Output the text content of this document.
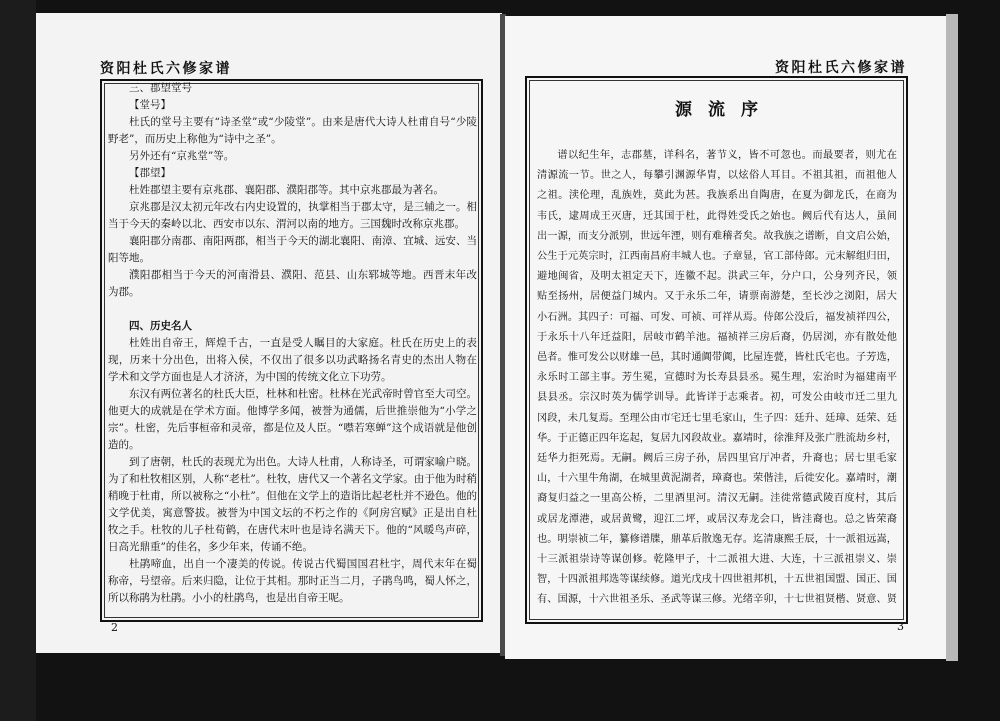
资阳杜氏六修家谱
三、郡望堂号
【堂号】
杜氏的堂号主要有“诗圣堂”或“少陵堂”。由来是唐代大诗人杜甫自号“少陵
野老”，而历史上称他为“诗中之圣”。
另外还有“京兆堂”等。
【郡望】
杜姓郡望主要有京兆郡、襄阳郡、濮阳郡等。其中京兆郡最为著名。
京兆郡是汉太初元年改右内史设置的，执掌相当于郡太守，是三辅之一。相
当于今天的秦岭以北、西安市以东、渭河以南的地方。三国魏时改称京兆郡。
襄阳郡分南郡、南阳两郡，相当于今天的湖北襄阳、南漳、宜城、远安、当
阳等地。
濮阳郡相当于今天的河南滑县、濮阳、范县、山东郓城等地。西晋末年改
为郡。
四、历史名人
杜姓出自帝王，辉煌千古，一直是受人瞩目的大家庭。杜氏在历史上的表
现，历来十分出色，出将入侯，不仅出了很多以功武略扬名青史的杰出人物在
学术和文学方面也是人才济济，为中国的传统文化立下功劳。
东汉有两位著名的杜氏大臣，杜林和杜密。杜林在光武帝时曾官至大司空。
他更大的成就是在学术方面。他博学多闻，被誉为通儒，后世推崇他为“小学之
宗”。杜密，先后事桓帝和灵帝，都是位及人臣。“噤若寒蝉”这个成语就是他创
造的。
到了唐朝，杜氏的表现尤为出色。大诗人杜甫，人称诗圣，可谓家喻户晓。
为了和杜牧相区别，人称“老杜”。杜牧，唐代又一个著名文学家。由于他为时稍
稍晚于杜甫，所以被称之“小杜”。但他在文学上的造诣比起老杜并不逊色。他的
文学优美，寓意警拔。被誉为中国文坛的不朽之作的《阿房宫赋》正是出自杜
牧之手。杜牧的儿子杜荀鹤，在唐代末叶也是诗名满天下。他的“风暖鸟声碎，
日高光鼎重”的佳名，多少年来，传诵不绝。
杜鹃啼血，出自一个凄美的传说。传说古代蜀国国君杜宇，周代末年在蜀
称帝，号望帝。后来归隐，让位于其相。那时正当二月，子鹃鸟鸣，蜀人怀之，
所以称鹃为杜鹃。小小的杜鹃鸟，也是出自帝王呢。
2
资阳杜氏六修家谱
源流序
谱以纪生年，志郡墓，详科名，著节义，皆不可忽也。而最要者，则尤在
清源流一节。世之人，每攀引渊源华胄，以炫俗人耳目。不祖其祖，而祖他人
之祖。渎伦理，乱族姓，莫此为甚。我族系出自陶唐，在夏为御龙氏，在商为
韦氏，逮周成王灭唐，迁其国于杜，此得姓受氏之始也。阙后代有达人，虽间
出一源，而支分派别，世远年湮，则有难稽者矣。故我族之谱断，自文启公始，
公生于元英宗时，江西南昌府丰城人也。子章显，官工部侍郎。元末解组归田，
避地闽省，及明太祖定天下，连徽不起。洪武三年，分户口，公身列齐民，领
贴至扬州，居便益门城内。又于永乐二年，请票南游楚，至长沙之浏阳，居大
小石洲。其四子：可福、可发、可祯、可祥从焉。侍郎公没后，福发祯祥四公，
于永乐十八年迁益阳，居岐市鹤羊池。福祯祥三房后裔，仍居浏，亦有散处他
邑者。惟可发公以财雄一邑，其时通阗带阗，比屋连甍，皆杜氏宅也。子芳选，
永乐时工部主事。芳生冕，宣德时为长寿县县丞。冕生理，宏治时为福建南平
县县丞。宗汉时英为儒学训导。此皆详于志乘者。初，可发公由岐市迁二里九
冈段，未几复焉。至理公由市宅迁七里毛家山，生子四：廷升、廷璋、廷荣、廷
华。于正德正四年迄起，复居九冈段故业。嘉靖时，徐淮拜及张广胜流劫乡村，
廷华力拒死焉。无嗣。阙后三房子孙，居四里官厅冲者，升裔也；居七里毛家
山，十六里牛角湖，在城里黄泥湖者，璋裔也。荣偕洼，后徙安化。嘉靖时，潮
裔复归益之一里高公桥，二里酒里河。清汉无嗣。洼徙常德武陵百度村，其后
或居龙潭港，或居黄鹭，迎江二坪，或居汉寿龙会口，皆洼裔也。总之皆荣裔
也。明崇祯二年，纂修谱牒，鼎革后散逸无存。迄清康熙壬辰，十一派祖远嵩，
十三派祖崇诗等谋创修。乾隆甲子，十二派祖大进、大连，十三派祖崇义、崇
智，十四派祖邦选等谋续修。道光戊戌十四世祖邦机，十五世祖国盟、国正、国
有、国源，十六世祖圣乐、圣武等谋三修。光绪辛卯，十七世祖贤楷、贤意、贤
3
